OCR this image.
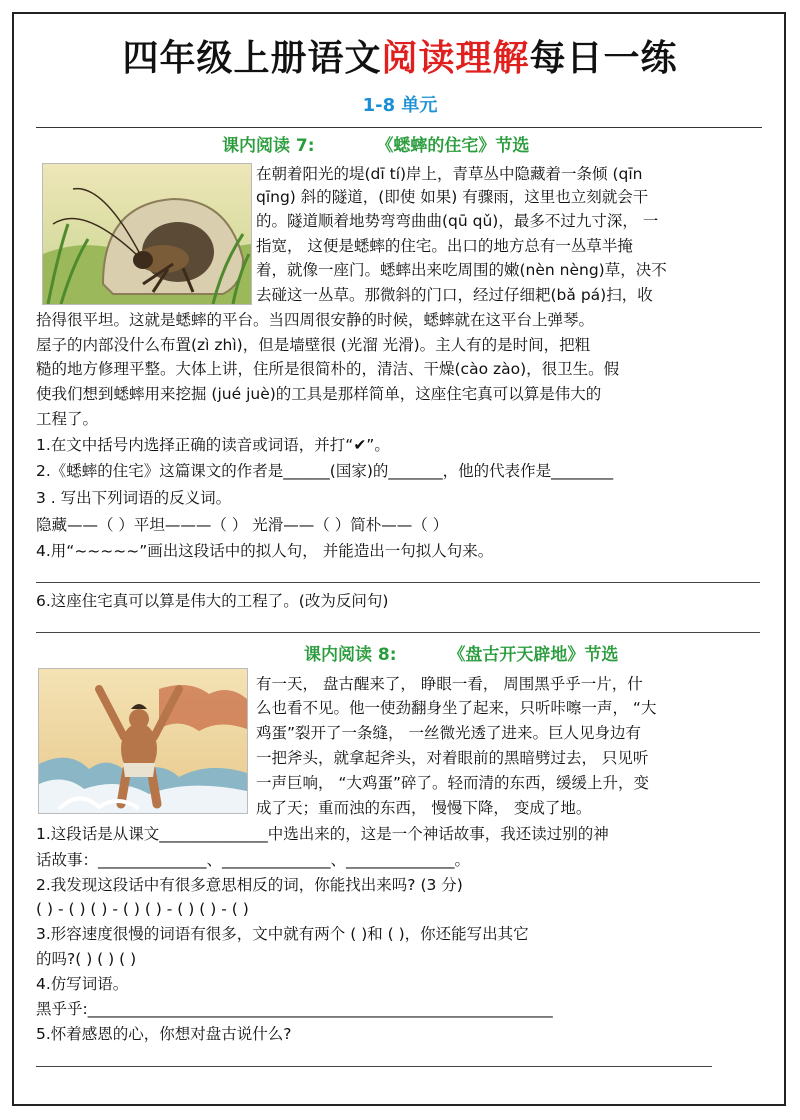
四年级上册语文阅读理解每日一练
1-8 单元
课内阅读 7:	《蟋蟀的住宅》节选
在朝着阳光的堤(dī tí)岸上，青草丛中隐藏着一条倾 (qīn
qīng) 斜的隧道，(即使 如果) 有骤雨，这里也立刻就会干
的。隧道顺着地势弯弯曲曲(qū qǔ)，最多不过九寸深， 一
指宽， 这便是蟋蟀的住宅。出口的地方总有一丛草半掩
着，就像一座门。蟋蟀出来吃周围的嫩(nèn nèng)草，决不
去碰这一丛草。那微斜的门口，经过仔细耙(bǎ pá)扫，收
拾得很平坦。这就是蟋蟀的平台。当四周很安静的时候，蟋蟀就在这平台上弹琴。
屋子的内部没什么布置(zì zhì)，但是墙壁很 (光溜 光滑)。主人有的是时间，把粗
糙的地方修理平整。大体上讲，住所是很简朴的，清洁、干燥(cào zào)，很卫生。假
使我们想到蟋蟀用来挖掘 (jué juè)的工具是那样简单，这座住宅真可以算是伟大的
工程了。
1.在文中括号内选择正确的读音或词语，并打“✔”。
2.《蟋蟀的住宅》这篇课文的作者是______(国家)的_______，他的代表作是________
3 . 写出下列词语的反义词。
隐藏——（ ）平坦———（ ） 光滑——（ ）简朴——（ ）
4.用“~~~~~”画出这段话中的拟人句， 并能造出一句拟人句来。
6.这座住宅真可以算是伟大的工程了。(改为反问句)
课内阅读 8:	《盘古开天辟地》节选
有一天， 盘古醒来了， 睁眼一看， 周围黑乎乎一片，什
么也看不见。他一使劲翻身坐了起来，只听咔嚓一声， “大
鸡蛋”裂开了一条缝， 一丝微光透了进来。巨人见身边有
一把斧头，就拿起斧头，对着眼前的黑暗劈过去， 只见听
一声巨响， “大鸡蛋”碎了。轻而清的东西，缓缓上升，变
成了天；重而浊的东西， 慢慢下降， 变成了地。
1.这段话是从课文______________中选出来的，这是一个神话故事，我还读过别的神
话故事：______________、______________、______________。
2.我发现这段话中有很多意思相反的词，你能找出来吗? (3 分)
( ) - ( ) ( ) - ( ) ( ) - ( ) ( ) - ( )
3.形容速度很慢的词语有很多，文中就有两个 ( )和 ( )，你还能写出其它
的吗?( ) ( ) ( )
4.仿写词语。
黑乎乎:____________________________________________________________
5.怀着感恩的心，你想对盘古说什么?
